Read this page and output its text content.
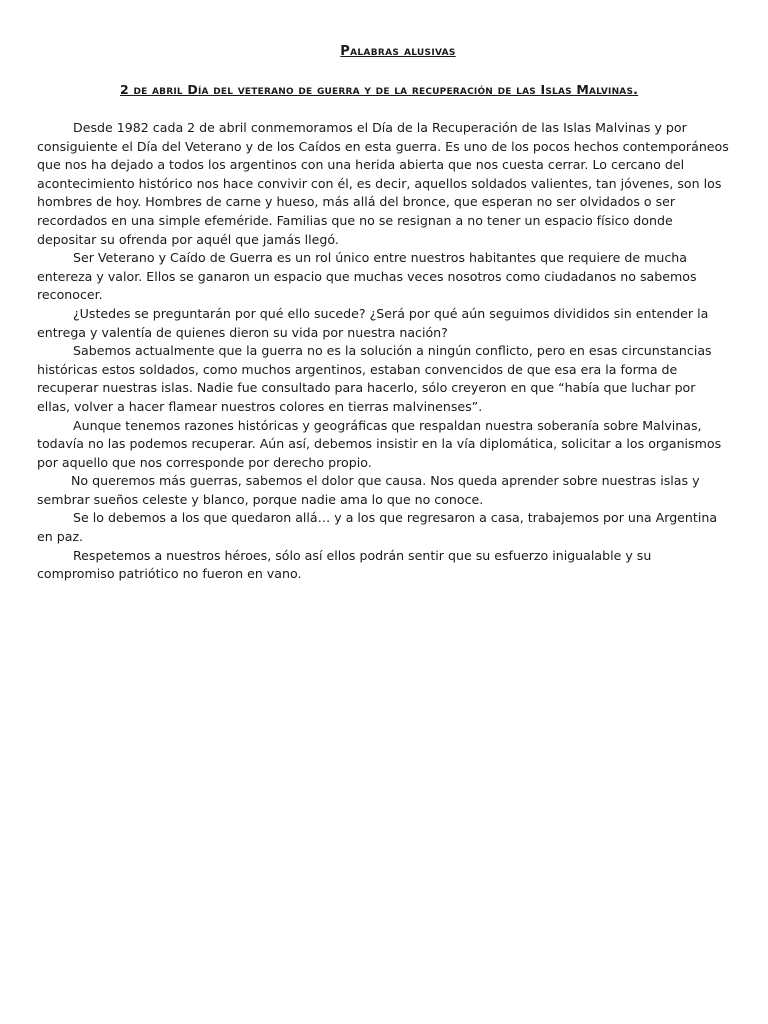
Palabras alusivas
2 de abril Día del veterano de guerra y de la recuperación de las Islas Malvinas.

Desde 1982 cada 2 de abril conmemoramos el Día de la Recuperación de las Islas Malvinas y por consiguiente el Día del Veterano y de los Caídos en esta guerra. Es uno de los pocos hechos contemporáneos que nos ha dejado a todos los argentinos con una herida abierta que nos cuesta cerrar. Lo cercano del acontecimiento histórico nos hace convivir con él, es decir, aquellos soldados valientes, tan jóvenes, son los hombres de hoy. Hombres de carne y hueso, más allá del bronce, que esperan no ser olvidados o ser recordados en una simple efeméride. Familias que no se resignan a no tener un espacio físico donde depositar su ofrenda por aquél que jamás llegó.

Ser Veterano y Caído de Guerra es un rol único entre nuestros habitantes que requiere de mucha entereza y valor. Ellos se ganaron un espacio que muchas veces nosotros como ciudadanos no sabemos reconocer.

¿Ustedes se preguntarán por qué ello sucede? ¿Será por qué aún seguimos divididos sin entender la entrega y valentía de quienes dieron su vida por nuestra nación?

Sabemos actualmente que la guerra no es la solución a ningún conflicto, pero en esas circunstancias históricas estos soldados, como muchos argentinos, estaban convencidos de que esa era la forma de recuperar nuestras islas. Nadie fue consultado para hacerlo, sólo creyeron en que “había que luchar por ellas, volver a hacer flamear nuestros colores en tierras malvinenses”.

Aunque tenemos razones históricas y geográficas que respaldan nuestra soberanía sobre Malvinas, todavía no las podemos recuperar. Aún así, debemos insistir en la vía diplomática, solicitar a los organismos por aquello que nos corresponde por derecho propio.

No queremos más guerras, sabemos el dolor que causa. Nos queda aprender sobre nuestras islas y sembrar sueños celeste y blanco, porque nadie ama lo que no conoce.

Se lo debemos a los que quedaron allá… y a los que regresaron a casa, trabajemos por una Argentina en paz.

Respetemos a nuestros héroes, sólo así ellos podrán sentir que su esfuerzo inigualable y su compromiso patriótico no fueron en vano.
